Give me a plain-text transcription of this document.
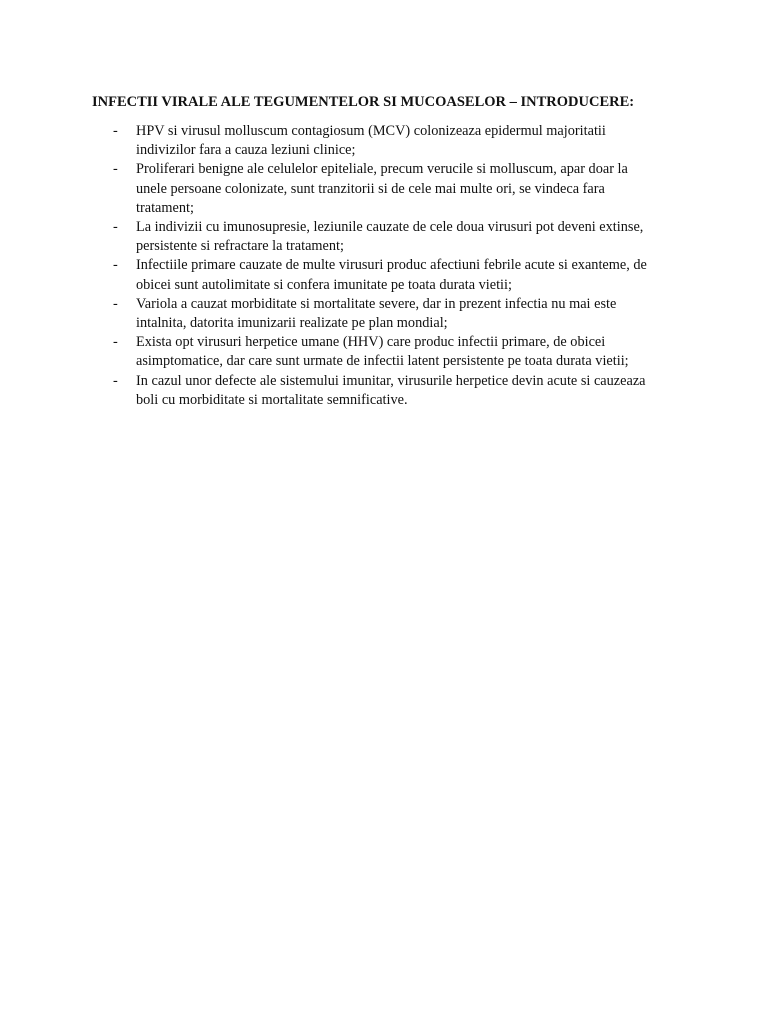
INFECTII VIRALE ALE TEGUMENTELOR SI MUCOASELOR – INTRODUCERE:
-	HPV si virusul molluscum contagiosum (MCV) colonizeaza epidermul majoritatii
indivizilor fara a cauza leziuni clinice;
-	Proliferari benigne ale celulelor epiteliale, precum verucile si molluscum, apar doar la
unele persoane colonizate, sunt tranzitorii si de cele mai multe ori, se vindeca fara
tratament;
-	La indivizii cu imunosupresie, leziunile cauzate de cele doua virusuri pot deveni extinse,
persistente si refractare la tratament;
-	Infectiile primare cauzate de multe virusuri produc afectiuni febrile acute si exanteme, de
obicei sunt autolimitate si confera imunitate pe toata durata vietii;
-	Variola a cauzat morbiditate si mortalitate severe, dar in prezent infectia nu mai este
intalnita, datorita imunizarii realizate pe plan mondial;
-	Exista opt virusuri herpetice umane (HHV) care produc infectii primare, de obicei
asimptomatice, dar care sunt urmate de infectii latent persistente pe toata durata vietii;
-	In cazul unor defecte ale sistemului imunitar, virusurile herpetice devin acute si cauzeaza
boli cu morbiditate si mortalitate semnificative.
